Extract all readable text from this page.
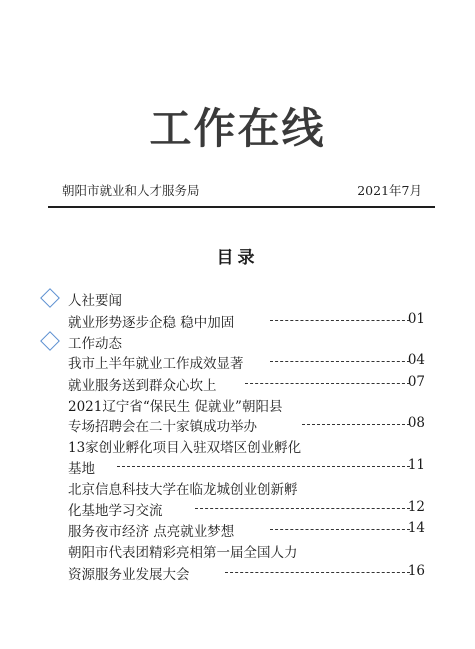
工作在线
朝阳市就业和人才服务局	2021年7月
目录
人社要闻
就业形势逐步企稳 稳中加固	01
工作动态
我市上半年就业工作成效显著	04
就业服务送到群众心坎上	07
2021辽宁省“保民生 促就业”朝阳县
专场招聘会在二十家镇成功举办	08
13家创业孵化项目入驻双塔区创业孵化
基地	11
北京信息科技大学在临龙城创业创新孵
化基地学习交流	12
服务夜市经济 点亮就业梦想	14
朝阳市代表团精彩亮相第一届全国人力
资源服务业发展大会	16
